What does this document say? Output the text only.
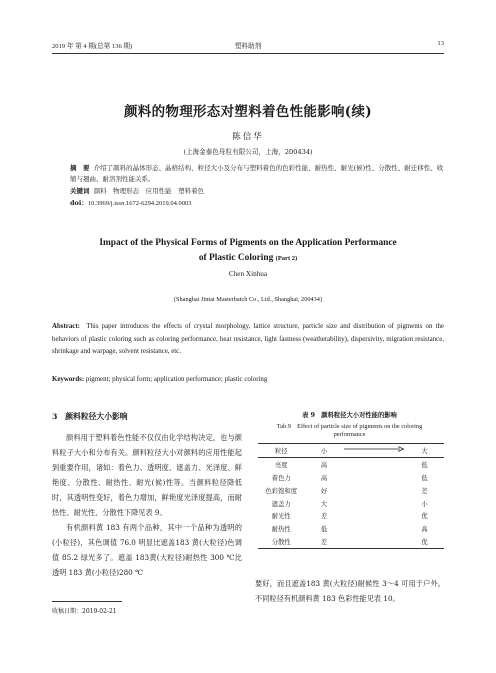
2019 年 第 4 期(总第 136 期)	塑料助剂	13
颜料的物理形态对塑料着色性能影响(续)
陈信华
(上海金泰色母粒有限公司，上海，200434)
摘　要 介绍了颜料的晶体形态、晶格结构、粒径大小及分布与塑料着色的色彩性能、耐热性、耐光(候)性、分散性、耐迁移性、收缩与翘曲、耐溶剂性能关系。
关键词 颜料　物理形态　应用性能　塑料着色
doi：10.3969/j.issn.1672-6294.2019.04.0003
Impact of the Physical Forms of Pigments on the Application Performance
of Plastic Coloring (Part 2)
Chen Xinhua
(Shanghai Jintai Masterbatch Co., Ltd., Shanghai, 200434)
Abstract: This paper introduces the effects of crystal morphology, lattice structure, particle size and distribution of pigments on the behaviors of plastic coloring such as coloring performance, heat resistance, light fastness (weatherability), dispersivity, migration resistance, shrinkage and warpage, solvent resistance, etc.
Keywords: pigment; physical form; application performance; plastic coloring
3　颜料粒径大小影响
颜料用于塑料着色性能不仅仅由化学结构决定，也与颜料粒子大小和分布有关。颜料粒径大小对颜料的应用性能起到重要作用，诸如：着色力、透明度、遮盖力、光泽度、鲜艳度、分散性、耐热性、耐光(候)性等。当颜料粒径降低时，其透明性变好，着色力增加，鲜艳度光泽度提高，而耐热性、耐光性、分散性下降见表 9。
有机颜料黄 183 有两个品种，其中一个品种为透明的(小粒径)，其色调值 76.0 明显比遮盖183 黄(大粒径)色调值 85.2 绿光多了。遮盖 183黄(大粒径)耐热性 300 ℃比透明 183 黄(小粒径)280 ℃
表 9　颜料粒径大小对性能的影响
Tab.9　Effect of particle size of pigments on the coloring
performance
粒径	小		大
亮度	高		低
着色力	高		低
色彩饱和度	好		差
遮盖力	大		小
耐光性	差		优
耐热性	低		高
分散性	差		优
要好，而且遮盖183 黄(大粒径)耐候性 3～4 可用于户外。不同粒径有机颜料黄 183 色彩性能见表 10。
收稿日期：2019-02-21
